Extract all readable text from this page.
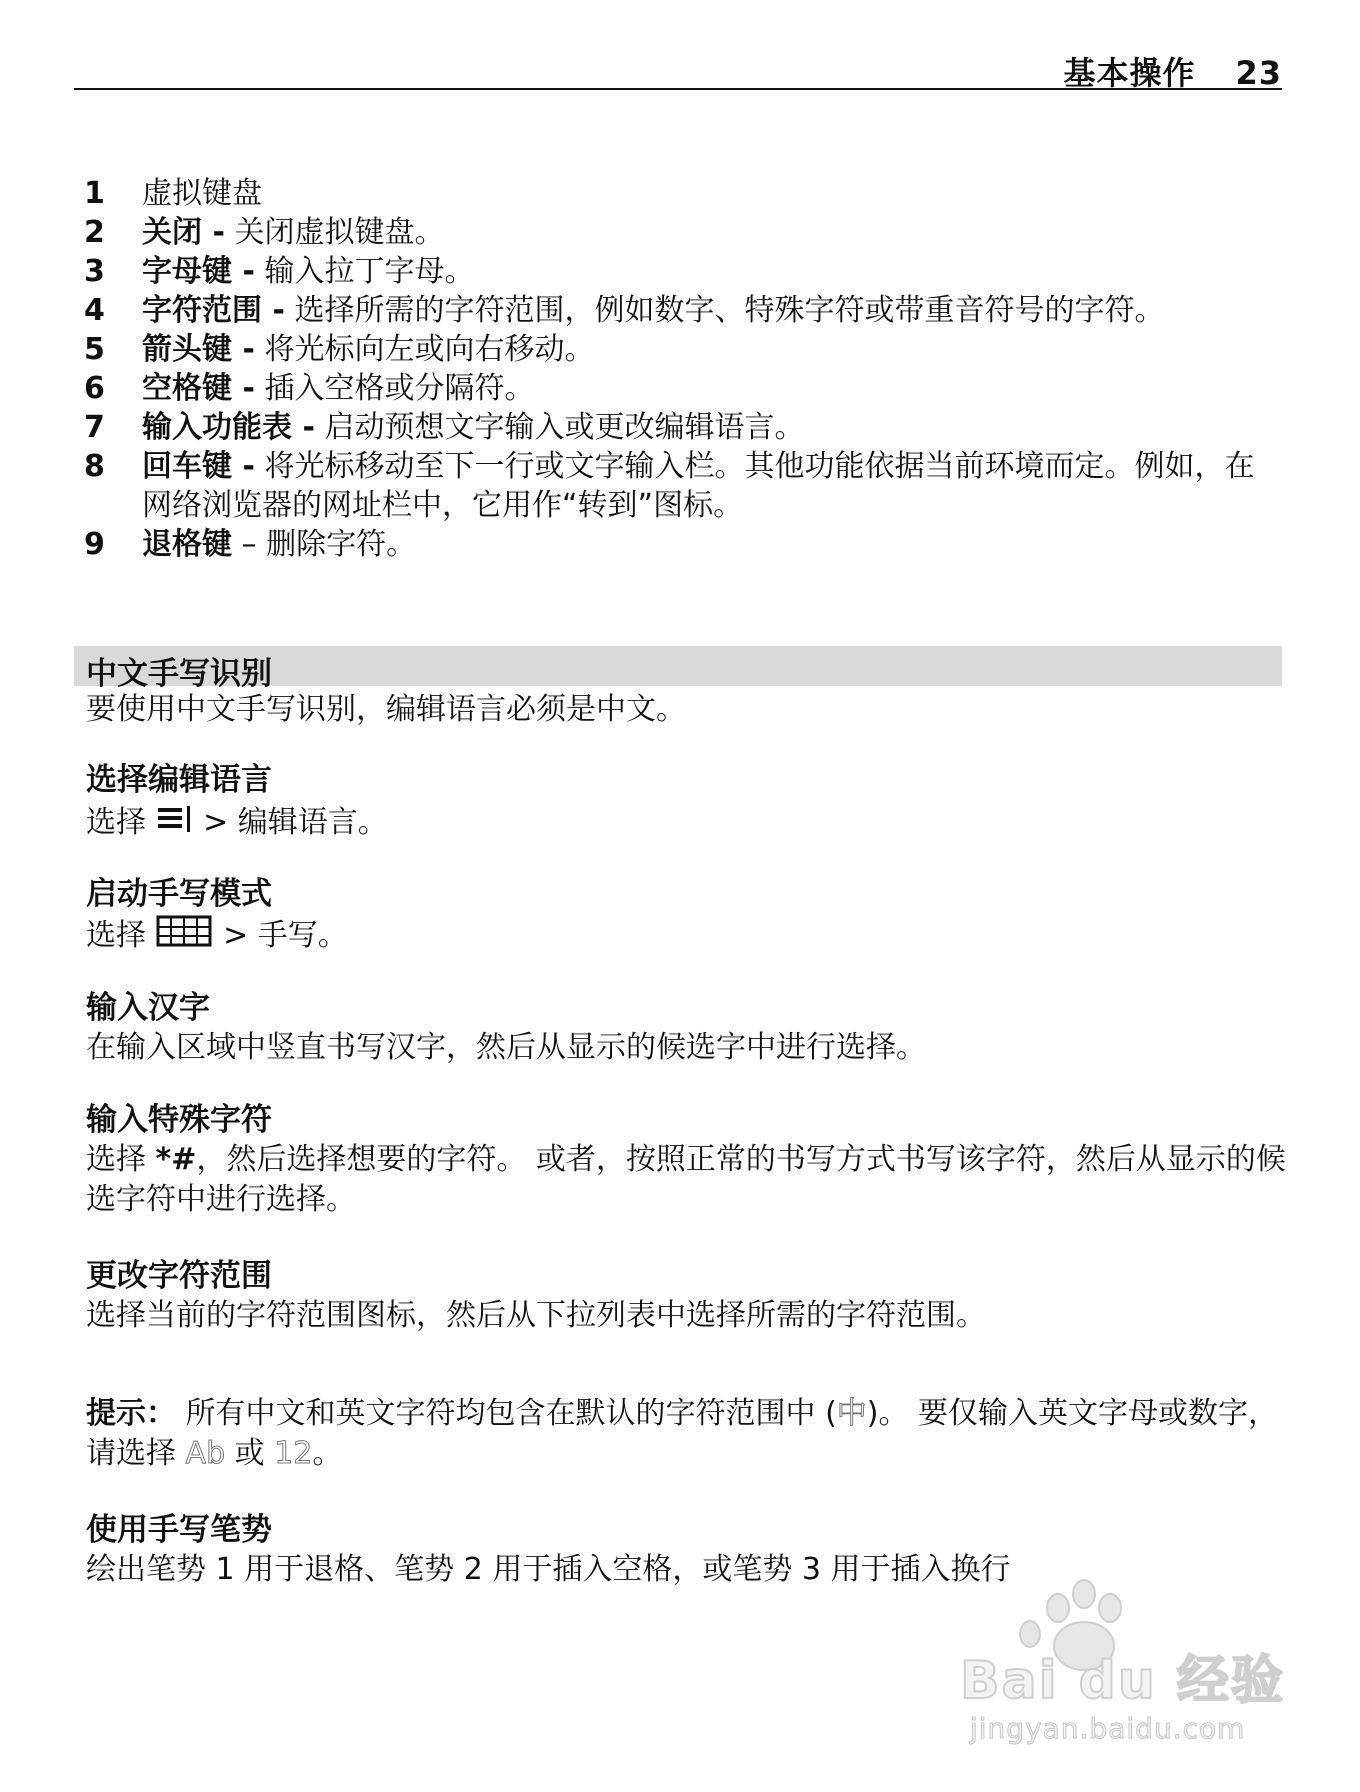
基本操作 23
1	虚拟键盘
2	关闭 - 关闭虚拟键盘。
3	字母键 - 输入拉丁字母。
4	字符范围 - 选择所需的字符范围，例如数字、特殊字符或带重音符号的字符。
5	箭头键 - 将光标向左或向右移动。
6	空格键 - 插入空格或分隔符。
7	输入功能表 - 启动预想文字输入或更改编辑语言。
8	回车键 - 将光标移动至下一行或文字输入栏。其他功能依据当前环境而定。例如，在网络浏览器的网址栏中，它用作“转到”图标。
9	退格键 – 删除字符。
中文手写识别
要使用中文手写识别，编辑语言必须是中文。
选择编辑语言
选择  > 编辑语言。
启动手写模式
选择  > 手写。
输入汉字
在输入区域中竖直书写汉字，然后从显示的候选字中进行选择。
输入特殊字符
选择 *#，然后选择想要的字符。 或者，按照正常的书写方式书写该字符，然后从显示的候选字符中进行选择。
更改字符范围
选择当前的字符范围图标，然后从下拉列表中选择所需的字符范围。
提示： 所有中文和英文字符均包含在默认的字符范围中 (中)。 要仅输入英文字母或数字，请选择 Ab 或 12。
使用手写笔势
绘出笔势 1 用于退格、笔势 2 用于插入空格，或笔势 3 用于插入换行
Bai du 经验
jingyan.baidu.com
